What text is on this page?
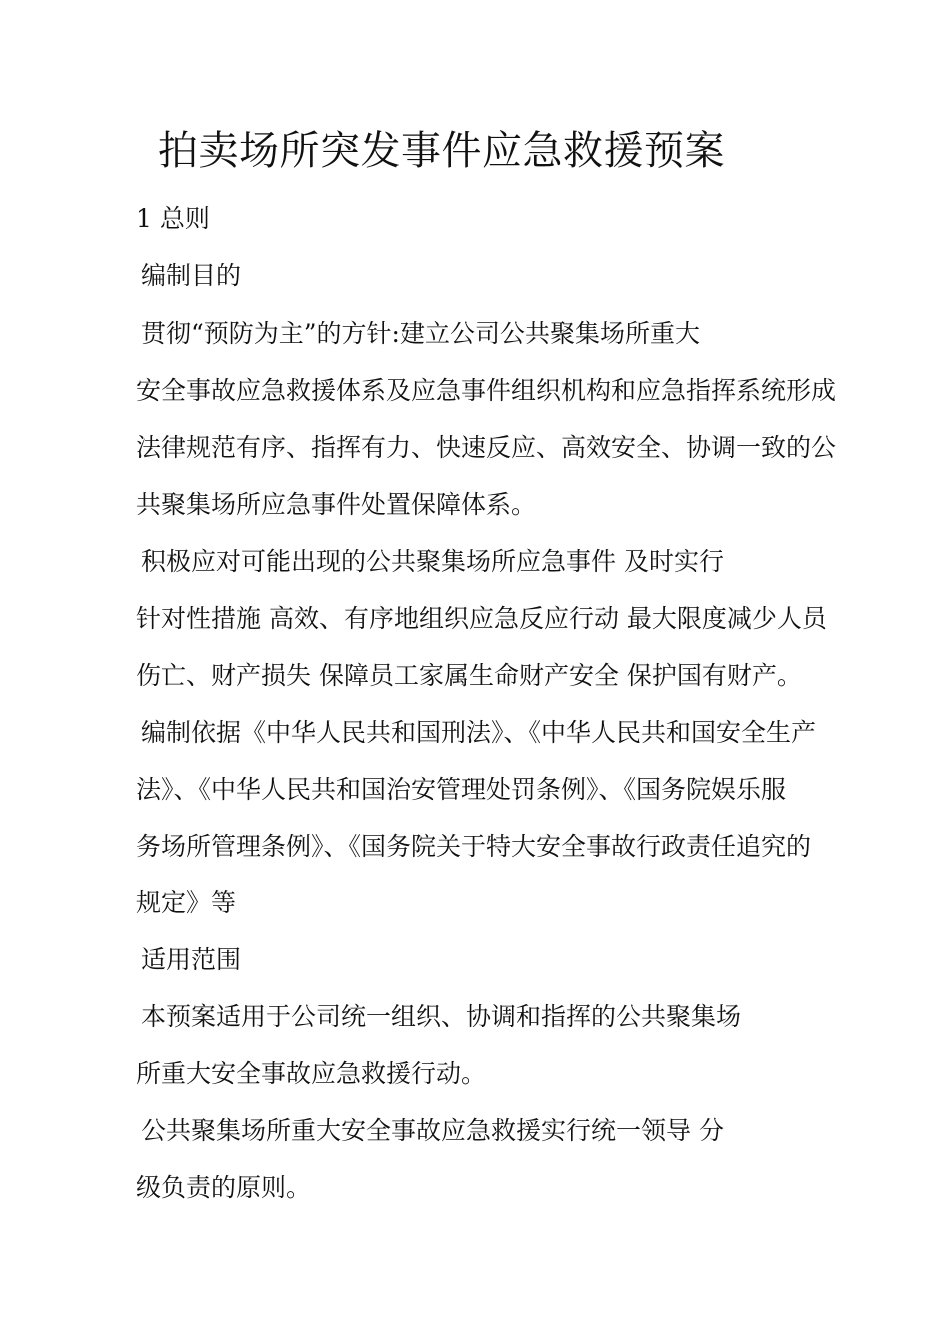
拍卖场所突发事件应急救援预案
1 总则
编制目的
贯彻“预防为主”的方针:建立公司公共聚集场所重大
安全事故应急救援体系及应急事件组织机构和应急指挥系统形成
法律规范有序、指挥有力、快速反应、高效安全、协调一致的公
共聚集场所应急事件处置保障体系。
积极应对可能出现的公共聚集场所应急事件 及时实行
针对性措施 高效、有序地组织应急反应行动 最大限度减少人员
伤亡、财产损失 保障员工家属生命财产安全 保护国有财产。
编制依据《中华人民共和国刑法》、《中华人民共和国安全生产
法》、《中华人民共和国治安管理处罚条例》、《国务院娱乐服
务场所管理条例》、《国务院关于特大安全事故行政责任追究的
规定》等
适用范围
本预案适用于公司统一组织、协调和指挥的公共聚集场
所重大安全事故应急救援行动。
公共聚集场所重大安全事故应急救援实行统一领导 分
级负责的原则。
